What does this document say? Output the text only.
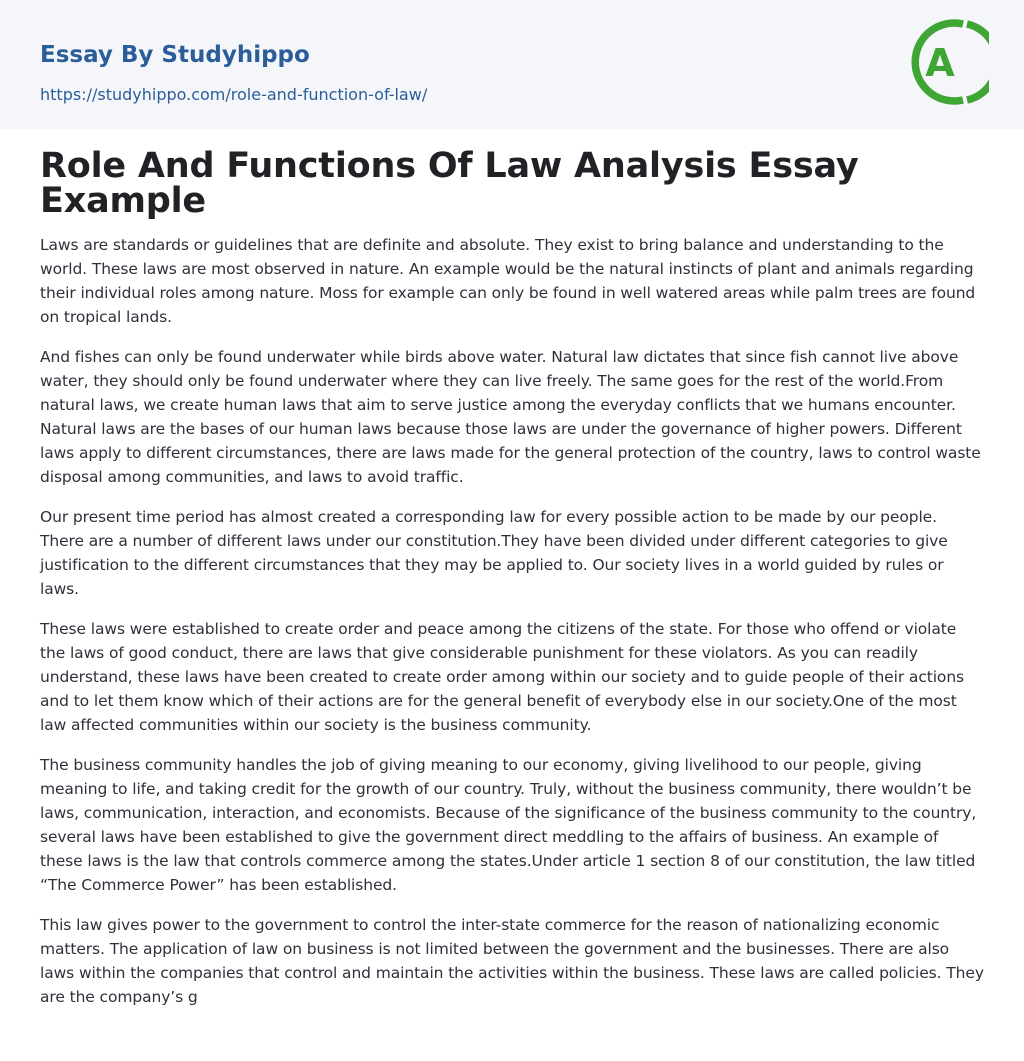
Essay By Studyhippo
https://studyhippo.com/role-and-function-of-law/
A
Role And Functions Of Law Analysis Essay Example

Laws are standards or guidelines that are definite and absolute. They exist to bring balance and understanding to the world. These laws are most observed in nature. An example would be the natural instincts of plant and animals regarding their individual roles among nature. Moss for example can only be found in well watered areas while palm trees are found on tropical lands.

And fishes can only be found underwater while birds above water. Natural law dictates that since fish cannot live above water, they should only be found underwater where they can live freely. The same goes for the rest of the world.From natural laws, we create human laws that aim to serve justice among the everyday conflicts that we humans encounter. Natural laws are the bases of our human laws because those laws are under the governance of higher powers. Different laws apply to different circumstances, there are laws made for the general protection of the country, laws to control waste disposal among communities, and laws to avoid traffic.

Our present time period has almost created a corresponding law for every possible action to be made by our people. There are a number of different laws under our constitution.They have been divided under different categories to give justification to the different circumstances that they may be applied to. Our society lives in a world guided by rules or laws.

These laws were established to create order and peace among the citizens of the state. For those who offend or violate the laws of good conduct, there are laws that give considerable punishment for these violators. As you can readily understand, these laws have been created to create order among within our society and to guide people of their actions and to let them know which of their actions are for the general benefit of everybody else in our society.One of the most law affected communities within our society is the business community.

The business community handles the job of giving meaning to our economy, giving livelihood to our people, giving meaning to life, and taking credit for the growth of our country. Truly, without the business community, there wouldn’t be laws, communication, interaction, and economists. Because of the significance of the business community to the country, several laws have been established to give the government direct meddling to the affairs of business. An example of these laws is the law that controls commerce among the states.Under article 1 section 8 of our constitution, the law titled “The Commerce Power” has been established.

This law gives power to the government to control the inter-state commerce for the reason of nationalizing economic matters. The application of law on business is not limited between the government and the businesses. There are also laws within the companies that control and maintain the activities within the business. These laws are called policies. They are the company’s g
